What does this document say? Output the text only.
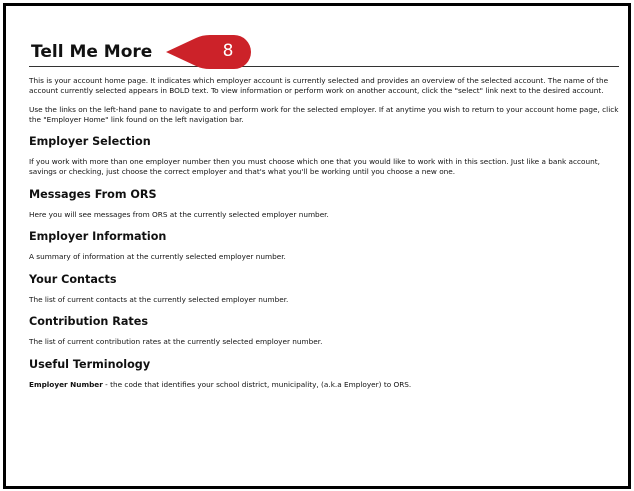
Tell Me More	8

This is your account home page. It indicates which employer account is currently selected and provides an overview of the selected account. The name of the account currently selected appears in BOLD text. To view information or perform work on another account, click the "select" link next to the desired account.

Use the links on the left-hand pane to navigate to and perform work for the selected employer. If at anytime you wish to return to your account home page, click the "Employer Home" link found on the left navigation bar.

Employer Selection

If you work with more than one employer number then you must choose which one that you would like to work with in this section. Just like a bank account, savings or checking, just choose the correct employer and that's what you'll be working until you choose a new one.

Messages From ORS

Here you will see messages from ORS at the currently selected employer number.

Employer Information

A summary of information at the currently selected employer number.

Your Contacts

The list of current contacts at the currently selected employer number.

Contribution Rates

The list of current contribution rates at the currently selected employer number.

Useful Terminology

Employer Number - the code that identifies your school district, municipality, (a.k.a Employer) to ORS.
